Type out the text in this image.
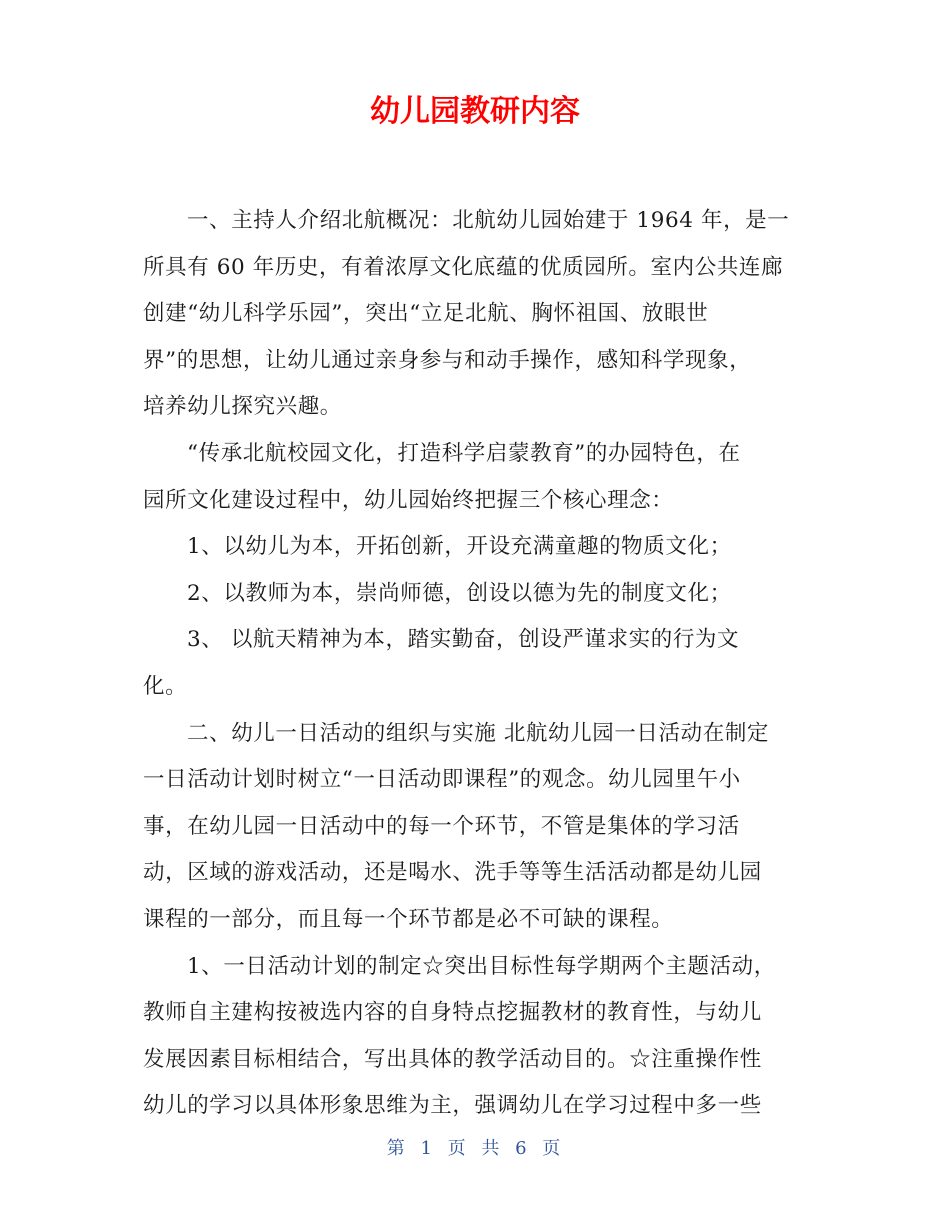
幼儿园教研内容
一、主持人介绍北航概况：北航幼儿园始建于 1964 年，是一
所具有 60 年历史，有着浓厚文化底蕴的优质园所。室内公共连廊
创建“幼儿科学乐园”，突出“立足北航、胸怀祖国、放眼世
界”的思想，让幼儿通过亲身参与和动手操作，感知科学现象，
培养幼儿探究兴趣。
“传承北航校园文化，打造科学启蒙教育”的办园特色，在
园所文化建设过程中，幼儿园始终把握三个核心理念：
1、以幼儿为本，开拓创新，开设充满童趣的物质文化；
2、以教师为本，崇尚师德，创设以德为先的制度文化；
3、 以航天精神为本，踏实勤奋，创设严谨求实的行为文
化。
二、幼儿一日活动的组织与实施 北航幼儿园一日活动在制定
一日活动计划时树立“一日活动即课程”的观念。幼儿园里午小
事，在幼儿园一日活动中的每一个环节，不管是集体的学习活
动，区域的游戏活动，还是喝水、洗手等等生活活动都是幼儿园
课程的一部分，而且每一个环节都是必不可缺的课程。
1、一日活动计划的制定☆突出目标性每学期两个主题活动，
教师自主建构按被选内容的自身特点挖掘教材的教育性，与幼儿
发展因素目标相结合，写出具体的教学活动目的。☆注重操作性
幼儿的学习以具体形象思维为主，强调幼儿在学习过程中多一些
第 1 页 共 6 页
